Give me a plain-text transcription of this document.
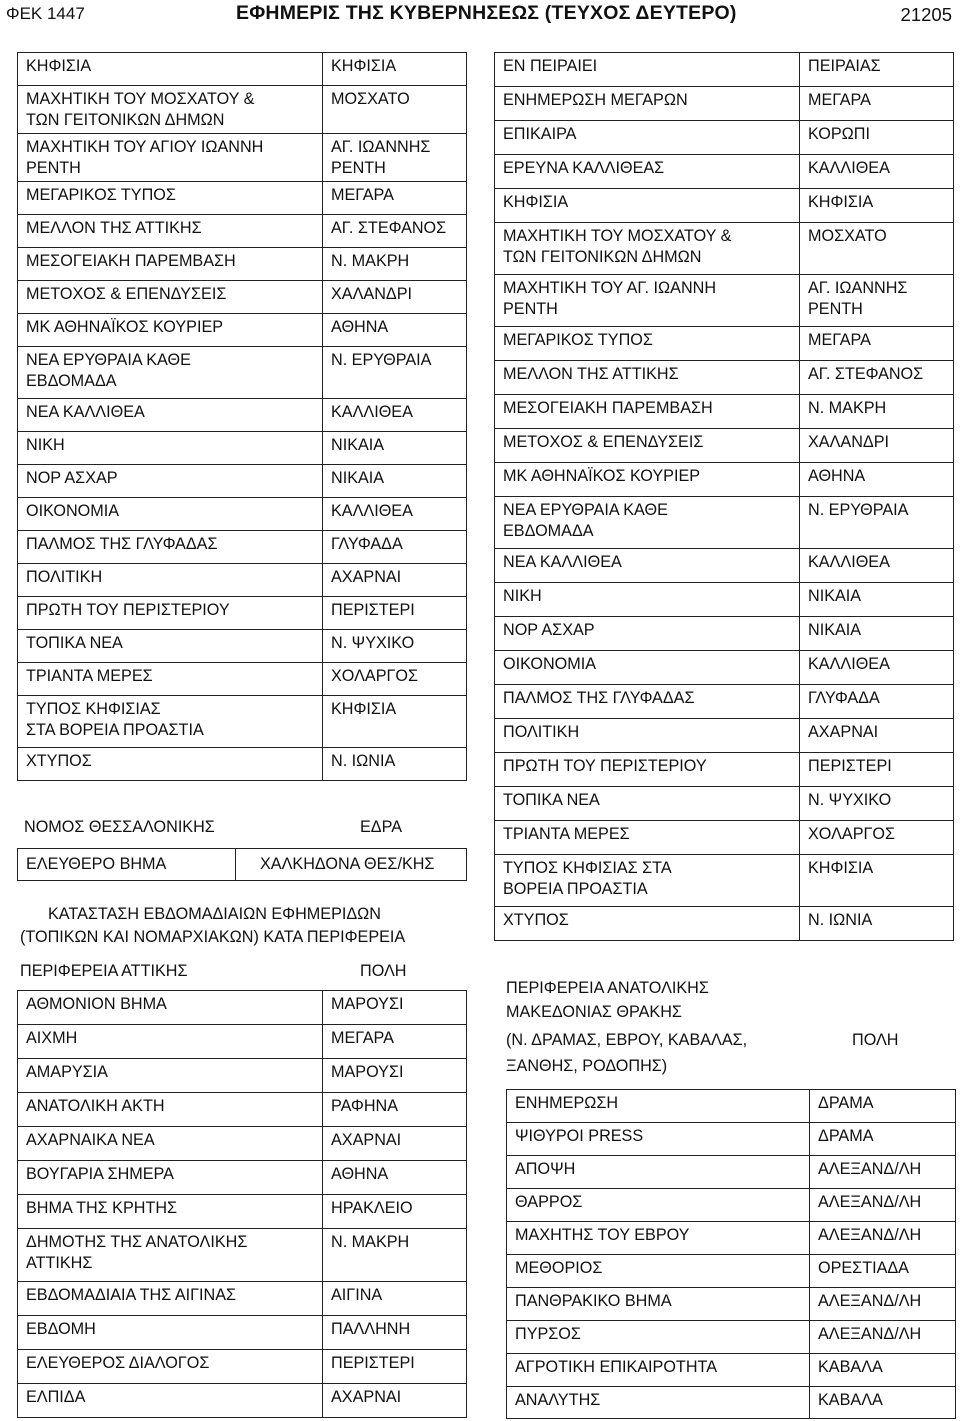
ΦΕΚ 1447	ΕΦΗΜΕΡΙΣ ΤΗΣ ΚΥΒΕΡΝΗΣΕΩΣ (ΤΕΥΧΟΣ ΔΕΥΤΕΡΟ)	21205
ΚΗΦΙΣΙΑ	ΚΗΦΙΣΙΑ
ΜΑΧΗΤΙΚΗ ΤΟΥ ΜΟΣΧΑΤΟΥ &
ΤΩΝ ΓΕΙΤΟΝΙΚΩΝ ΔΗΜΩΝ	ΜΟΣΧΑΤΟ
ΜΑΧΗΤΙΚΗ ΤΟΥ ΑΓΙΟΥ ΙΩΑΝΝΗ
ΡΕΝΤΗ	ΑΓ. ΙΩΑΝΝΗΣ
ΡΕΝΤΗ
ΜΕΓΑΡΙΚΟΣ ΤΥΠΟΣ	ΜΕΓΑΡΑ
ΜΕΛΛΟΝ ΤΗΣ ΑΤΤΙΚΗΣ	ΑΓ. ΣΤΕΦΑΝΟΣ
ΜΕΣΟΓΕΙΑΚΗ ΠΑΡΕΜΒΑΣΗ	Ν. ΜΑΚΡΗ
ΜΕΤΟΧΟΣ & ΕΠΕΝΔΥΣΕΙΣ	ΧΑΛΑΝΔΡΙ
ΜΚ ΑΘΗΝΑΪΚΟΣ ΚΟΥΡΙΕΡ	ΑΘΗΝΑ
ΝΕΑ ΕΡΥΘΡΑΙΑ ΚΑΘΕ
ΕΒΔΟΜΑΔΑ	Ν. ΕΡΥΘΡΑΙΑ
ΝΕΑ ΚΑΛΛΙΘΕΑ	ΚΑΛΛΙΘΕΑ
ΝΙΚΗ	ΝΙΚΑΙΑ
ΝΟΡ ΑΣΧΑΡ	ΝΙΚΑΙΑ
ΟΙΚΟΝΟΜΙΑ	ΚΑΛΛΙΘΕΑ
ΠΑΛΜΟΣ ΤΗΣ ΓΛΥΦΑΔΑΣ	ΓΛΥΦΑΔΑ
ΠΟΛΙΤΙΚΗ	ΑΧΑΡΝΑΙ
ΠΡΩΤΗ ΤΟΥ ΠΕΡΙΣΤΕΡΙΟΥ	ΠΕΡΙΣΤΕΡΙ
ΤΟΠΙΚΑ ΝΕΑ	Ν. ΨΥΧΙΚΟ
ΤΡΙΑΝΤΑ ΜΕΡΕΣ	ΧΟΛΑΡΓΟΣ
ΤΥΠΟΣ ΚΗΦΙΣΙΑΣ
ΣΤΑ ΒΟΡΕΙΑ ΠΡΟΑΣΤΙΑ	ΚΗΦΙΣΙΑ
ΧΤΥΠΟΣ	Ν. ΙΩΝΙΑ
ΝΟΜΟΣ ΘΕΣΣΑΛΟΝΙΚΗΣ	ΕΔΡΑ
ΕΛΕΥΘΕΡΟ ΒΗΜΑ	ΧΑΛΚΗΔΟΝΑ ΘΕΣ/ΚΗΣ
ΚΑΤΑΣΤΑΣΗ ΕΒΔΟΜΑΔΙΑΙΩΝ ΕΦΗΜΕΡΙΔΩΝ
(ΤΟΠΙΚΩΝ ΚΑΙ ΝΟΜΑΡΧΙΑΚΩΝ) ΚΑΤΑ ΠΕΡΙΦΕΡΕΙΑ
ΠΕΡΙΦΕΡΕΙΑ ΑΤΤΙΚΗΣ	ΠΟΛΗ
ΑΘΜΟΝΙΟΝ ΒΗΜΑ	ΜΑΡΟΥΣΙ
ΑΙΧΜΗ	ΜΕΓΑΡΑ
ΑΜΑΡΥΣΙΑ	ΜΑΡΟΥΣΙ
ΑΝΑΤΟΛΙΚΗ ΑΚΤΗ	ΡΑΦΗΝΑ
ΑΧΑΡΝΑΙΚΑ ΝΕΑ	ΑΧΑΡΝΑΙ
ΒΟΥΓΑΡΙΑ ΣΗΜΕΡΑ	ΑΘΗΝΑ
ΒΗΜΑ ΤΗΣ ΚΡΗΤΗΣ	ΗΡΑΚΛΕΙΟ
ΔΗΜΟΤΗΣ ΤΗΣ ΑΝΑΤΟΛΙΚΗΣ
ΑΤΤΙΚΗΣ	Ν. ΜΑΚΡΗ
ΕΒΔΟΜΑΔΙΑΙΑ ΤΗΣ ΑΙΓΙΝΑΣ	ΑΙΓΙΝΑ
ΕΒΔΟΜΗ	ΠΑΛΛΗΝΗ
ΕΛΕΥΘΕΡΟΣ ΔΙΑΛΟΓΟΣ	ΠΕΡΙΣΤΕΡΙ
ΕΛΠΙΔΑ	ΑΧΑΡΝΑΙ
ΕΝ ΠΕΙΡΑΙΕΙ	ΠΕΙΡΑΙΑΣ
ΕΝΗΜΕΡΩΣΗ ΜΕΓΑΡΩΝ	ΜΕΓΑΡΑ
ΕΠΙΚΑΙΡΑ	ΚΟΡΩΠΙ
ΕΡΕΥΝΑ ΚΑΛΛΙΘΕΑΣ	ΚΑΛΛΙΘΕΑ
ΚΗΦΙΣΙΑ	ΚΗΦΙΣΙΑ
ΜΑΧΗΤΙΚΗ ΤΟΥ ΜΟΣΧΑΤΟΥ &
ΤΩΝ ΓΕΙΤΟΝΙΚΩΝ ΔΗΜΩΝ	ΜΟΣΧΑΤΟ
ΜΑΧΗΤΙΚΗ ΤΟΥ ΑΓ. ΙΩΑΝΝΗ
ΡΕΝΤΗ	ΑΓ. ΙΩΑΝΝΗΣ
ΡΕΝΤΗ
ΜΕΓΑΡΙΚΟΣ ΤΥΠΟΣ	ΜΕΓΑΡΑ
ΜΕΛΛΟΝ ΤΗΣ ΑΤΤΙΚΗΣ	ΑΓ. ΣΤΕΦΑΝΟΣ
ΜΕΣΟΓΕΙΑΚΗ ΠΑΡΕΜΒΑΣΗ	Ν. ΜΑΚΡΗ
ΜΕΤΟΧΟΣ & ΕΠΕΝΔΥΣΕΙΣ	ΧΑΛΑΝΔΡΙ
ΜΚ ΑΘΗΝΑΪΚΟΣ ΚΟΥΡΙΕΡ	ΑΘΗΝΑ
ΝΕΑ ΕΡΥΘΡΑΙΑ ΚΑΘΕ
ΕΒΔΟΜΑΔΑ	Ν. ΕΡΥΘΡΑΙΑ
ΝΕΑ ΚΑΛΛΙΘΕΑ	ΚΑΛΛΙΘΕΑ
ΝΙΚΗ	ΝΙΚΑΙΑ
ΝΟΡ ΑΣΧΑΡ	ΝΙΚΑΙΑ
ΟΙΚΟΝΟΜΙΑ	ΚΑΛΛΙΘΕΑ
ΠΑΛΜΟΣ ΤΗΣ ΓΛΥΦΑΔΑΣ	ΓΛΥΦΑΔΑ
ΠΟΛΙΤΙΚΗ	ΑΧΑΡΝΑΙ
ΠΡΩΤΗ ΤΟΥ ΠΕΡΙΣΤΕΡΙΟΥ	ΠΕΡΙΣΤΕΡΙ
ΤΟΠΙΚΑ ΝΕΑ	Ν. ΨΥΧΙΚΟ
ΤΡΙΑΝΤΑ ΜΕΡΕΣ	ΧΟΛΑΡΓΟΣ
ΤΥΠΟΣ ΚΗΦΙΣΙΑΣ ΣΤΑ
ΒΟΡΕΙΑ ΠΡΟΑΣΤΙΑ	ΚΗΦΙΣΙΑ
ΧΤΥΠΟΣ	Ν. ΙΩΝΙΑ
ΠΕΡΙΦΕΡΕΙΑ ΑΝΑΤΟΛΙΚΗΣ
ΜΑΚΕΔΟΝΙΑΣ ΘΡΑΚΗΣ
(Ν. ΔΡΑΜΑΣ, ΕΒΡΟΥ, ΚΑΒΑΛΑΣ,
ΞΑΝΘΗΣ, ΡΟΔΟΠΗΣ)
ΠΟΛΗ
ΕΝΗΜΕΡΩΣΗ	ΔΡΑΜΑ
ΨΙΘΥΡΟΙ PRESS	ΔΡΑΜΑ
ΑΠΟΨΗ	ΑΛΕΞΑΝΔ/ΛΗ
ΘΑΡΡΟΣ	ΑΛΕΞΑΝΔ/ΛΗ
ΜΑΧΗΤΗΣ ΤΟΥ ΕΒΡΟΥ	ΑΛΕΞΑΝΔ/ΛΗ
ΜΕΘΟΡΙΟΣ	ΟΡΕΣΤΙΑΔΑ
ΠΑΝΘΡΑΚΙΚΟ ΒΗΜΑ	ΑΛΕΞΑΝΔ/ΛΗ
ΠΥΡΣΟΣ	ΑΛΕΞΑΝΔ/ΛΗ
ΑΓΡΟΤΙΚΗ ΕΠΙΚΑΙΡΟΤΗΤΑ	ΚΑΒΑΛΑ
ΑΝΑΛΥΤΗΣ	ΚΑΒΑΛΑ
